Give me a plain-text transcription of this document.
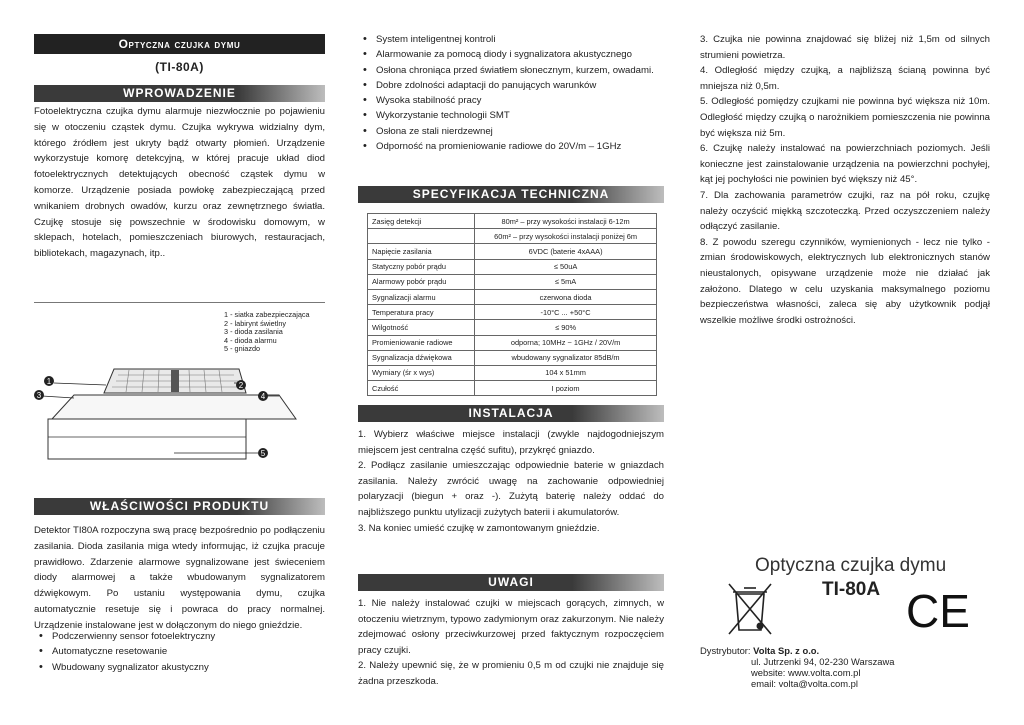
Optyczna czujka dymu
(TI-80A)
WPROWADZENIE

Fotoelektryczna czujka dymu alarmuje niezwłocznie po pojawieniu się w otoczeniu cząstek dymu. Czujka wykrywa widzialny dym, którego źródłem jest ukryty bądź otwarty płomień. Urządzenie wykorzystuje komorę detekcyjną, w której pracuje układ diod fotoelektrycznych detektujących obecność cząstek dymu w komorze. Urządzenie posiada powłokę zabezpieczającą przed wnikaniem drobnych owadów, kurzu oraz zewnętrznego światła. Czujkę stosuje się powszechnie w środowisku domowym, w sklepach, hotelach, pomieszczeniach biurowych, restauracjach, bibliotekach, magazynach, itp..

1 - siatka zabezpieczająca
2 - labirynt świetlny
3 - dioda zasilania
4 - dioda alarmu
5 - gniazdo
1	2
3	4
5
WŁAŚCIWOŚCI PRODUKTU

Detektor TI80A rozpoczyna swą pracę bezpośrednio po podłączeniu zasilania. Dioda zasilania miga wtedy informując, iż czujka pracuje prawidłowo. Zdarzenie alarmowe sygnalizowane jest świeceniem diody alarmowej a także wbudowanym sygnalizatorem dźwiękowym. Po ustaniu występowania dymu, czujka automatycznie resetuje się i powraca do pracy normalnej. Urządzenie instalowane jest w dołączonym do niego gnieździe.

• Podczerwienny sensor fotoelektryczny
• Automatyczne resetowanie
• Wbudowany sygnalizator akustyczny
• System inteligentnej kontroli
• Alarmowanie za pomocą diody i sygnalizatora akustycznego
• Osłona chroniąca przed światłem słonecznym, kurzem, owadami.
• Dobre zdolności adaptacji do panujących warunków
• Wysoka stabilność pracy
• Wykorzystanie technologii SMT
• Osłona ze stali nierdzewnej
• Odporność na promieniowanie radiowe do 20V/m – 1GHz
SPECYFIKACJA TECHNICZNA
Zasięg detekcji	80m² – przy wysokości instalacji 6-12m
	60m² – przy wysokości instalacji poniżej 6m
Napięcie zasilania	6VDC (baterie 4xAAA)
Statyczny pobór prądu	≤ 50uA
Alarmowy pobór prądu	≤ 5mA
Sygnalizacji alarmu	czerwona dioda
Temperatura pracy	-10°C ... +50°C
Wilgotność	≤ 90%
Promieniowanie radiowe	odporna; 10MHz ~ 1GHz / 20V/m
Sygnalizacja dźwiękowa	wbudowany sygnalizator 85dB/m
Wymiary (śr x wys)	104 x 51mm
Czułość	I poziom
INSTALACJA

1. Wybierz właściwe miejsce instalacji (zwykle najdogodniejszym miejscem jest centralna część sufitu), przykręć gniazdo.

2. Podłącz zasilanie umieszczając odpowiednie baterie w gniazdach zasilania. Należy zwrócić uwagę na zachowanie odpowiedniej polaryzacji (biegun + oraz -). Zużytą baterię należy oddać do najbliższego punktu utylizacji zużytych baterii i akumulatorów.

3. Na koniec umieść czujkę w zamontowanym gnieździe.

UWAGI

1. Nie należy instalować czujki w miejscach gorących, zimnych, w otoczeniu wietrznym, typowo zadymionym oraz zakurzonym. Nie należy zdejmować osłony przeciwkurzowej przed faktycznym rozpoczęciem pracy czujki.

2. Należy upewnić się, że w promieniu 0,5 m od czujki nie znajduje się żadna przeszkoda.

3. Czujka nie powinna znajdować się bliżej niż 1,5m od silnych strumieni powietrza.

4. Odległość między czujką, a najbliższą ścianą powinna być mniejsza niż 0,5m.

5. Odległość pomiędzy czujkami nie powinna być większa niż 10m. Odległość między czujką o narożnikiem pomieszczenia nie powinna być większa niż 5m.

6. Czujkę należy instalować na powierzchniach poziomych. Jeśli konieczne jest zainstalowanie urządzenia na powierzchni pochyłej, kąt jej pochyłości nie powinien być większy niż 45°.

7. Dla zachowania parametrów czujki, raz na pół roku, czujkę należy oczyścić miękką szczoteczką. Przed oczyszczeniem należy odłączyć zasilanie.

8. Z powodu szeregu czynników, wymienionych - lecz nie tylko - zmian środowiskowych, elektrycznych lub elektronicznych stanów nieustalonych, opisywane urządzenie może nie działać jak założono. Dlatego w celu uzyskania maksymalnego poziomu bezpieczeństwa własności, zaleca się aby użytkownik podjął wszelkie możliwe środki ostrożności.

Optyczna czujka dymu
TI-80A CE
Dystrybutor: Volta Sp. z o.o.
ul. Jutrzenki 94, 02-230 Warszawa
website: www.volta.com.pl
email: volta@volta.com.pl
